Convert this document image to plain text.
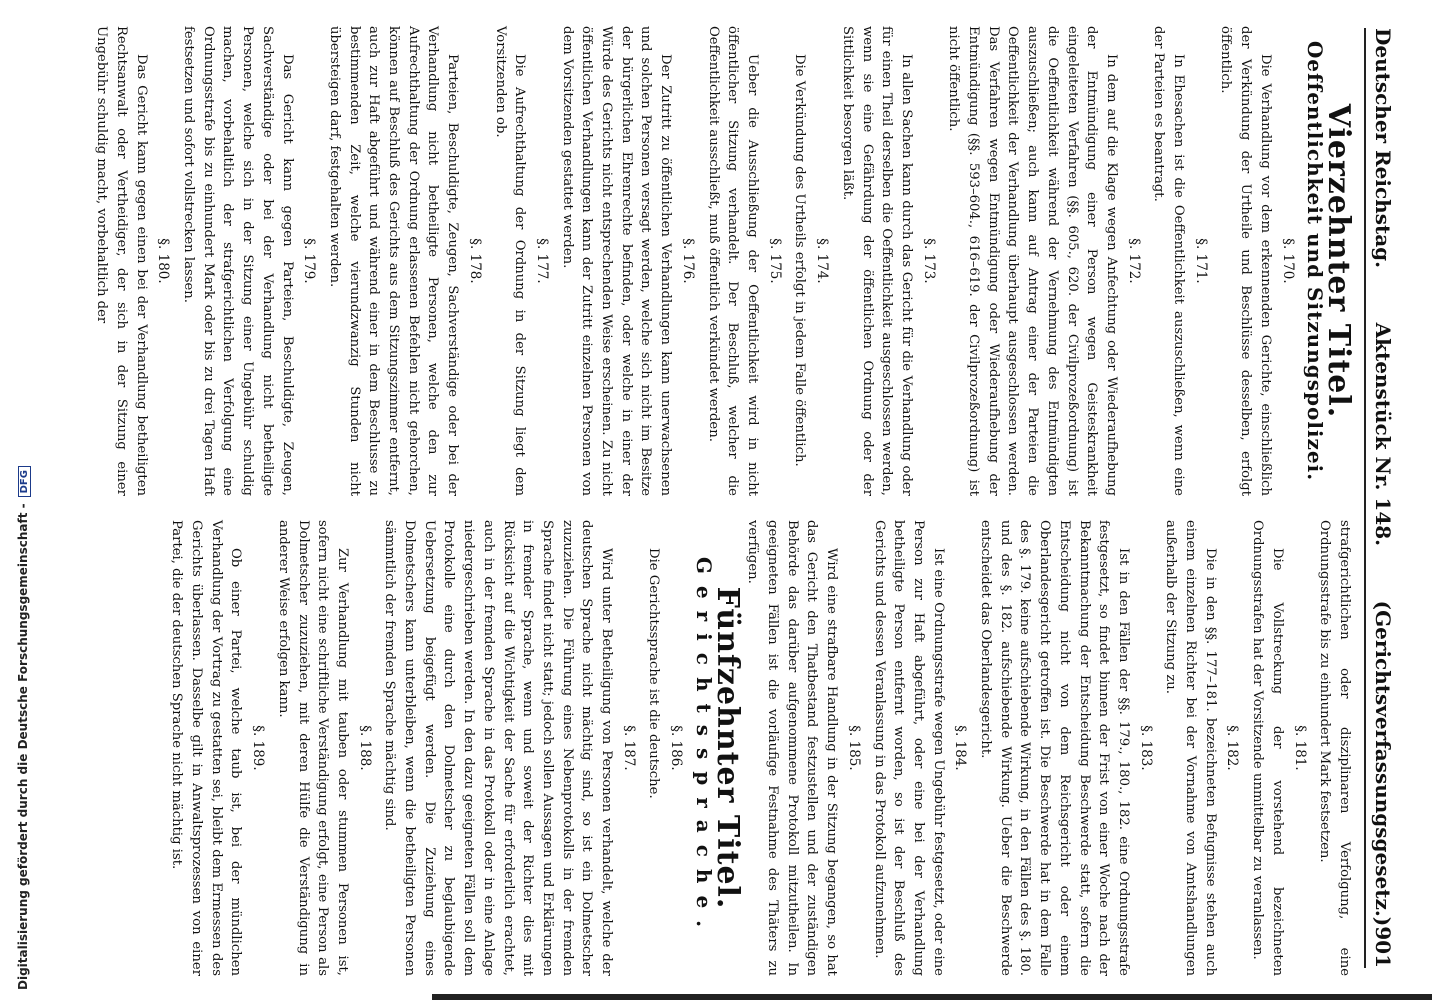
Digitalisierung gefördert durch die Deutsche Forschungsgemeinschaft -DFG
Deutscher Reichstag.
Aktenstück Nr. 148.
(Gerichtsverfassungsgesetz.)
901
Vierzehnter Titel.
Oeffentlichkeit und Sitzungspolizei.
§. 170.

Die Verhandlung vor dem erkennenden Gerichte, einschließlich der Verkündung der Urtheile und Beschlüsse desselben, erfolgt öffentlich.

§. 171.

In Ehesachen ist die Oeffentlichkeit auszuschließen, wenn eine der Parteien es beantragt.

§. 172.

In dem auf die Klage wegen Anfechtung oder Wiederaufhebung der Entmündigung einer Person wegen Geisteskrankheit eingeleiteten Verfahren (§§. 605., 620. der Civilprozeßordnung) ist die Oeffentlichkeit während der Vernehmung des Entmündigten auszuschließen; auch kann auf Antrag einer der Parteien die Oeffentlichkeit der Verhandlung überhaupt ausgeschlossen werden. Das Verfahren wegen Entmündigung oder Wiederaufhebung der Entmündigung (§§. 593–604., 616–619. der Civilprozeßordnung) ist nicht öffentlich.

§. 173.

In allen Sachen kann durch das Gericht für die Verhandlung oder für einen Theil derselben die Oeffentlichkeit ausgeschlossen werden, wenn sie eine Gefährdung der öffentlichen Ordnung oder der Sittlichkeit besorgen läßt.

§. 174.

Die Verkündung des Urtheils erfolgt in jedem Falle öffentlich.

§. 175.

Ueber die Ausschließung der Oeffentlichkeit wird in nicht öffentlicher Sitzung verhandelt. Der Beschluß, welcher die Oeffentlichkeit ausschließt, muß öffentlich verkündet werden.

§. 176.

Der Zutritt zu öffentlichen Verhandlungen kann unerwachsenen und solchen Personen versagt werden, welche sich nicht im Besitze der bürgerlichen Ehrenrechte befinden, oder welche in einer der Würde des Gerichts nicht entsprechenden Weise erscheinen. Zu nicht öffentlichen Verhandlungen kann der Zutritt einzelnen Personen von dem Vorsitzenden gestattet werden.

§. 177.

Die Aufrechthaltung der Ordnung in der Sitzung liegt dem Vorsitzenden ob.

§. 178.

Parteien, Beschuldigte, Zeugen, Sachverständige oder bei der Verhandlung nicht betheiligte Personen, welche den zur Aufrechthaltung der Ordnung erlassenen Befehlen nicht gehorchen, können auf Beschluß des Gerichts aus dem Sitzungszimmer entfernt, auch zur Haft abgeführt und während einer in dem Beschlusse zu bestimmenden Zeit, welche vierundzwanzig Stunden nicht übersteigen darf, festgehalten werden.

§. 179.

Das Gericht kann gegen Parteien, Beschuldigte, Zeugen, Sachverständige oder bei der Verhandlung nicht betheiligte Personen, welche sich in der Sitzung einer Ungebühr schuldig machen, vorbehaltlich der strafgerichtlichen Verfolgung eine Ordnungsstrafe bis zu einhundert Mark oder bis zu drei Tagen Haft festsetzen und sofort vollstrecken lassen.

§. 180.

Das Gericht kann gegen einen bei der Verhandlung betheiligten Rechtsanwalt oder Vertheidiger, der sich in der Sitzung einer Ungebühr schuldig macht, vorbehaltlich der

strafgerichtlichen oder disziplinaren Verfolgung, eine Ordnungsstrafe bis zu einhundert Mark festsetzen.

§. 181.

Die Vollstreckung der vorstehend bezeichneten Ordnungsstrafen hat der Vorsitzende unmittelbar zu veranlassen.

§. 182.

Die in den §§. 177–181. bezeichneten Befugnisse stehen auch einem einzelnen Richter bei der Vornahme von Amtshandlungen außerhalb der Sitzung zu.

§. 183.

Ist in den Fällen der §§. 179., 180., 182. eine Ordnungsstrafe festgesetzt, so findet binnen der Frist von einer Woche nach der Bekanntmachung der Entscheidung Beschwerde statt, sofern die Entscheidung nicht von dem Reichsgericht oder einem Oberlandesgericht getroffen ist. Die Beschwerde hat in dem Falle des §. 179. keine aufschiebende Wirkung, in den Fällen des §. 180. und des §. 182. aufschiebende Wirkung. Ueber die Beschwerde entscheidet das Oberlandesgericht.

§. 184.

Ist eine Ordnungsstrafe wegen Ungebühr festgesetzt, oder eine Person zur Haft abgeführt, oder eine bei der Verhandlung betheiligte Person entfernt worden, so ist der Beschluß des Gerichts und dessen Veranlassung in das Protokoll aufzunehmen.

§. 185.

Wird eine strafbare Handlung in der Sitzung begangen, so hat das Gericht den Thatbestand festzustellen und der zuständigen Behörde das darüber aufgenommene Protokoll mitzutheilen. In geeigneten Fällen ist die vorläufige Festnahme des Thäters zu verfügen.

Fünfzehnter Titel.
Gerichtssprache.
§. 186.

Die Gerichtssprache ist die deutsche.

§. 187.

Wird unter Betheiligung von Personen verhandelt, welche der deutschen Sprache nicht mächtig sind, so ist ein Dolmetscher zuzuziehen. Die Führung eines Nebenprotokolls in der fremden Sprache findet nicht statt; jedoch sollen Aussagen und Erklärungen in fremder Sprache, wenn und soweit der Richter dies mit Rücksicht auf die Wichtigkeit der Sache für erforderlich erachtet, auch in der fremden Sprache in das Protokoll oder in eine Anlage niedergeschrieben werden. In den dazu geeigneten Fällen soll dem Protokolle eine durch den Dolmetscher zu beglaubigende Uebersetzung beigefügt werden. Die Zuziehung eines Dolmetschers kann unterbleiben, wenn die betheiligten Personen sämmtlich der fremden Sprache mächtig sind.

§. 188.

Zur Verhandlung mit tauben oder stummen Personen ist, sofern nicht eine schriftliche Verständigung erfolgt, eine Person als Dolmetscher zuzuziehen, mit deren Hülfe die Verständigung in anderer Weise erfolgen kann.

§. 189.

Ob einer Partei, welche taub ist, bei der mündlichen Verhandlung der Vortrag zu gestatten sei, bleibt dem Ermessen des Gerichts überlassen. Dasselbe gilt in Anwaltsprozessen von einer Partei, die der deutschen Sprache nicht mächtig ist.
